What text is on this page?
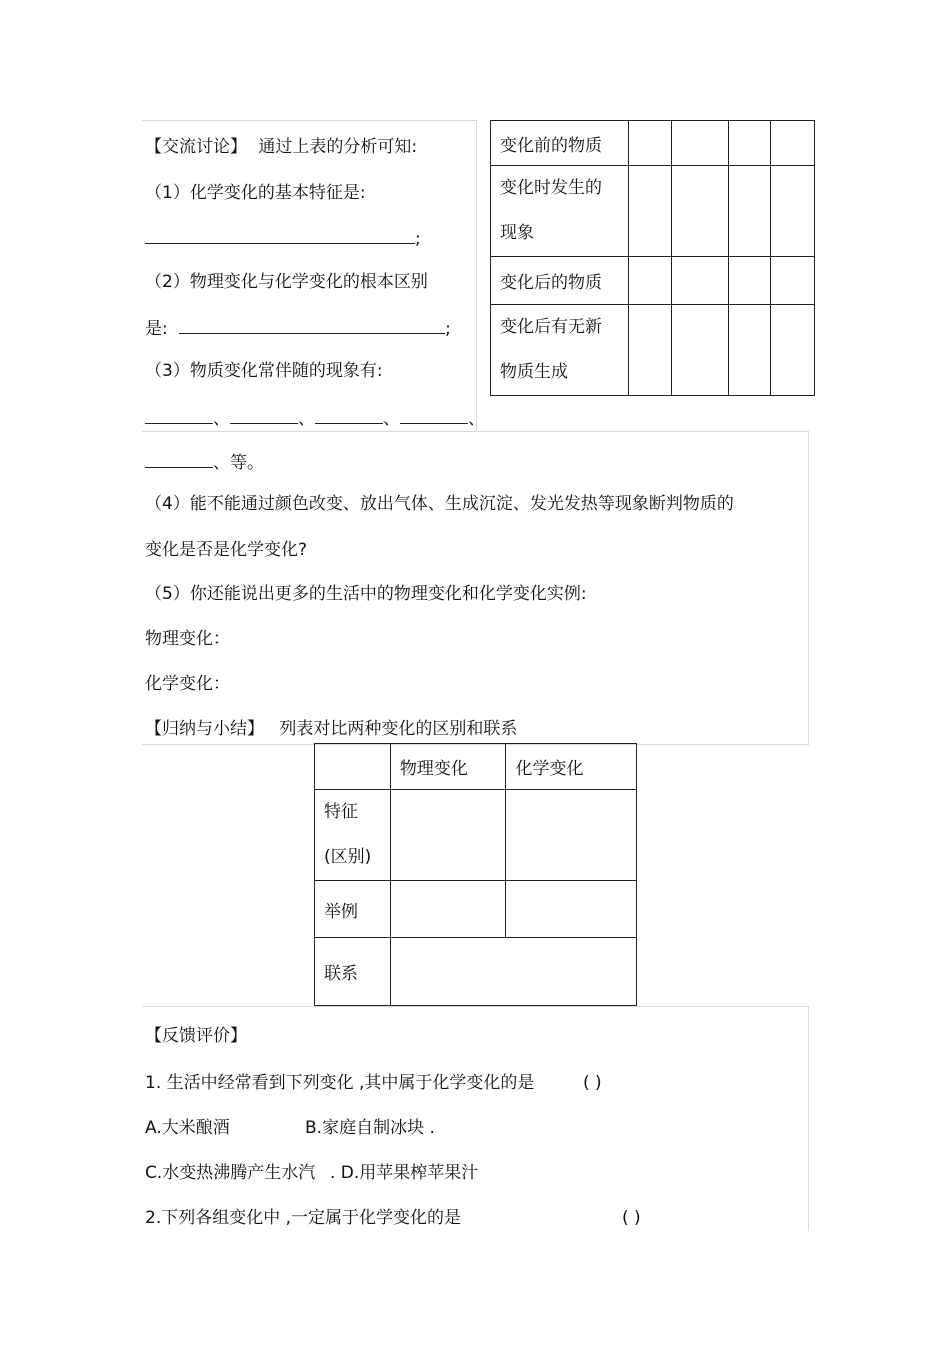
【交流讨论】 通过上表的分析可知:
（1）化学变化的基本特征是:
;
（2）物理变化与化学变化的根本区别
是:	;
（3）物质变化常伴随的现象有:
、	、	、	、
、等。
（4）能不能通过颜色改变、放出气体、生成沉淀、发光发热等现象断判物质的
变化是否是化学变化?
（5）你还能说出更多的生活中的物理变化和化学变化实例:
物理变化：
化学变化：
【归纳与小结】 列表对比两种变化的区别和联系
变化前的物质				

变化时发生的
现象				

变化后的物质				

变化后有无新
物质生成				

	物理变化	化学变化

特征
(区别)		

举例		
联系		
【反馈评价】
1. 生活中经常看到下列变化 ,其中属于化学变化的是	( )
A.大米酿酒	B.家庭自制冰块 .
C.水变热沸腾产生水汽 . D.用苹果榨苹果汁
2.下列各组变化中 ,一定属于化学变化的是	( )
